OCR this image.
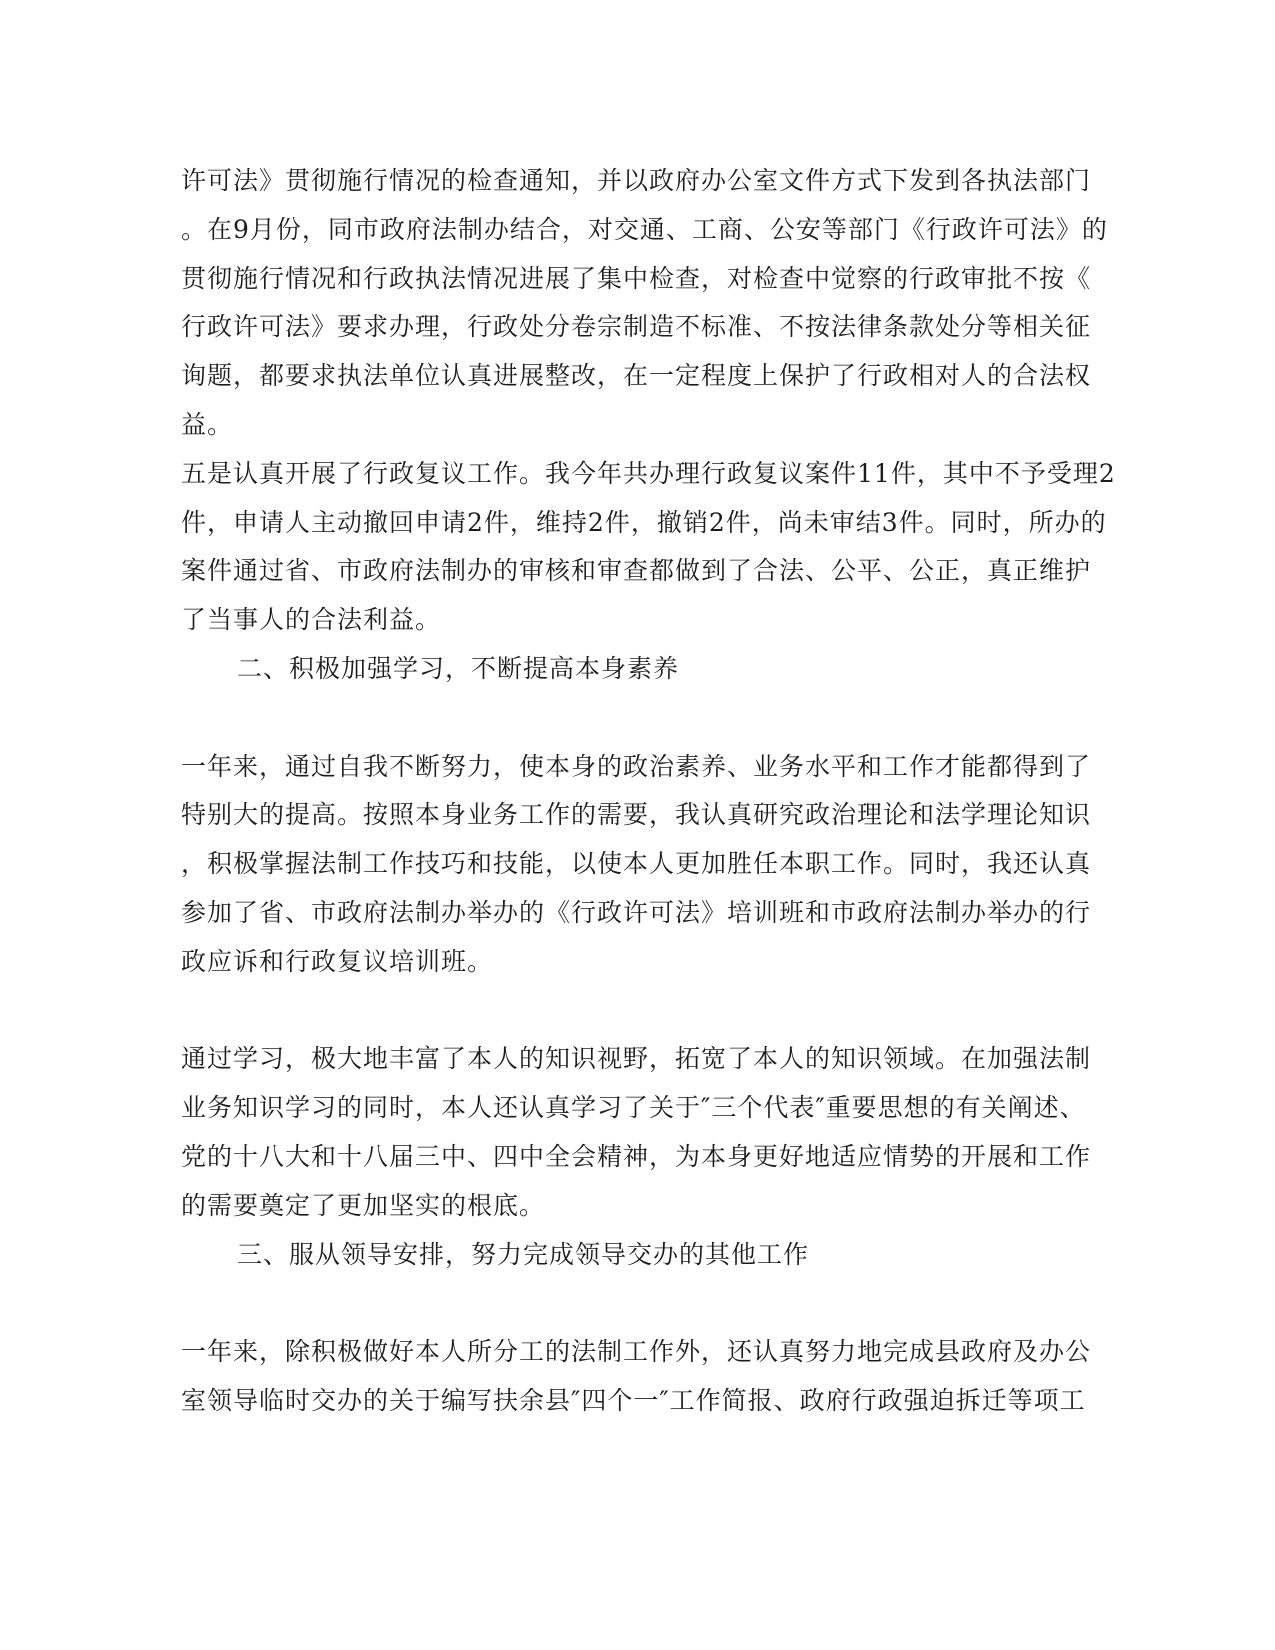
许可法》贯彻施行情况的检查通知，并以政府办公室文件方式下发到各执法部门
。在9月份，同市政府法制办结合，对交通、工商、公安等部门《行政许可法》的
贯彻施行情况和行政执法情况进展了集中检查，对检查中觉察的行政审批不按《
行政许可法》要求办理，行政处分卷宗制造不标准、不按法律条款处分等相关征
询题，都要求执法单位认真进展整改，在一定程度上保护了行政相对人的合法权
益。
五是认真开展了行政复议工作。我今年共办理行政复议案件11件，其中不予受理2
件，申请人主动撤回申请2件，维持2件，撤销2件，尚未审结3件。同时，所办的
案件通过省、市政府法制办的审核和审查都做到了合法、公平、公正，真正维护
了当事人的合法利益。
二、积极加强学习，不断提高本身素养

一年来，通过自我不断努力，使本身的政治素养、业务水平和工作才能都得到了
特别大的提高。按照本身业务工作的需要，我认真研究政治理论和法学理论知识
，积极掌握法制工作技巧和技能，以使本人更加胜任本职工作。同时，我还认真
参加了省、市政府法制办举办的《行政许可法》培训班和市政府法制办举办的行
政应诉和行政复议培训班。

通过学习，极大地丰富了本人的知识视野，拓宽了本人的知识领域。在加强法制
业务知识学习的同时，本人还认真学习了关于″三个代表″重要思想的有关阐述、
党的十八大和十八届三中、四中全会精神，为本身更好地适应情势的开展和工作
的需要奠定了更加坚实的根底。
三、服从领导安排，努力完成领导交办的其他工作

一年来，除积极做好本人所分工的法制工作外，还认真努力地完成县政府及办公
室领导临时交办的关于编写扶余县″四个一″工作简报、政府行政强迫拆迁等项工
